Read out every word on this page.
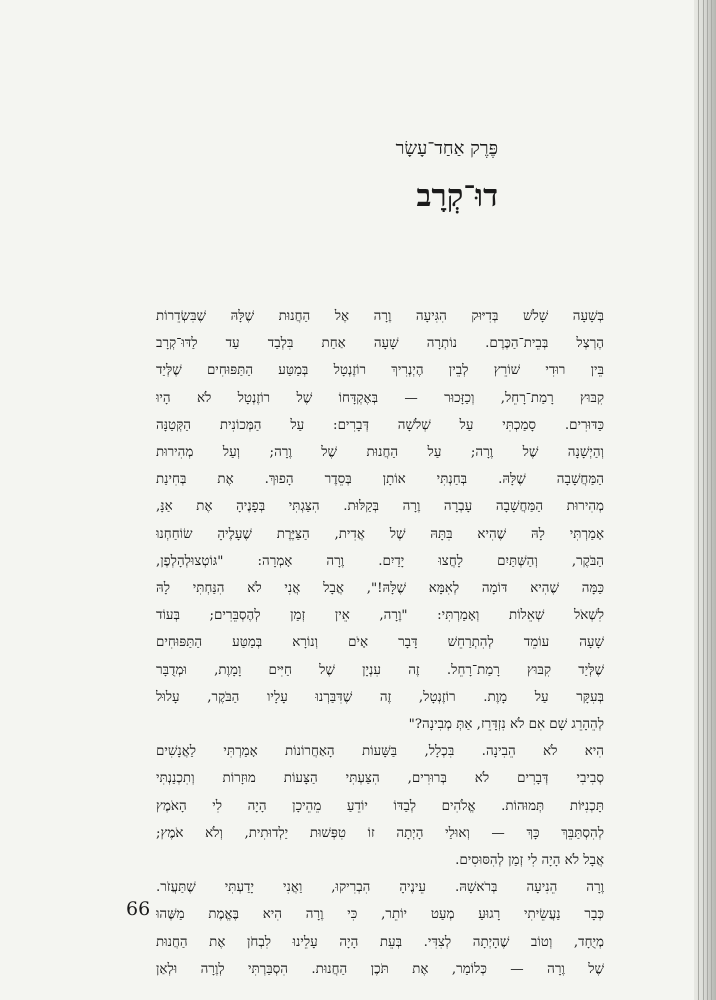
פֶּרֶק אַחַד־עָשָׂר
דוּ־קְרָב
בְּשָׁעָה שָׁלֹשׁ בְּדִיּוּק הִגִּיעָה וֶרָה אֶל הַחֲנוּת שֶׁלָּהּ שֶׁבִּשְׂדֵרוֹת
הֶרְצְל בְּבֵית־הַכֶּרֶם. נוֹתְרָה שָׁעָה אַחַת בִּלְבַד עַד לַדּוּ־קְרָב
בֵּין רוּדִי שׁוֹרֵץ לְבֵין הֶיְנְרִיךְ רוֹזֶנְטָל בְּמַטַּע הַתַּפּוּחִים שֶׁלְּיַד
קִבּוּץ רָמַת־רָחֵל, וְכַזָּכוּר — בְּאֶקְדָּחוֹ שֶׁל רוֹזֶנְטָל לֹא הָיוּ
כַּדּוּרִים. סָמַכְתִּי עַל שְׁלֹשָׁה דְּבָרִים: עַל הַמְּכוֹנִית הַקְּטַנָּה
וְהַיְשָׁנָה שֶׁל וֶרָה; עַל הַחֲנוּת שֶׁל וֶרָה; וְעַל מְהִירוּת
הַמַּחֲשָׁבָה שֶׁלָּהּ. בְּחַנְתִּי אוֹתָן בְּסֵדֶר הָפוּךְ. אֶת בְּחִינַת
מְהִירוּת הַמַּחֲשָׁבָה עָבְרָה וֶרָה בְּקַלּוּת. הִצַּגְתִּי בְּפָנֶיהָ אֶת אַנָּ,
אָמַרְתִּי לָהּ שֶׁהִיא בִּתָּהּ שֶׁל אֲדִית, הַצַּיֶּרֶת שֶׁעָלֶיהָ שׂוֹחַחְנוּ
הַבֹּקֶר, וְהַשְּׁתַּיִם לָחֲצוּ יָדַיִם. וֶרָה אָמְרָה: "גּוֹטְצוּלְהָלְפֶן,
כַּמָּה שֶׁהִיא דּוֹמָה לְאִמָּא שֶׁלָּהּ!", אֲבָל אֲנִי לֹא הִנַּחְתִּי לָהּ
לִשְׁאֹל שְׁאֵלוֹת וְאָמַרְתִּי: "וֶרָה, אֵין זְמַן לְהֶסְבֵּרִים; בְּעוֹד
שָׁעָה עוֹמֵד לְהִתְרַחֵשׁ דָּבָר אָיֹם וְנוֹרָא בְּמַטַּע הַתַּפּוּחִים
שֶׁלְּיַד קִבּוּץ רָמַת־רָחֵל. זֶה עִנְיָן שֶׁל חַיִּים וָמָוֶת, וּמְדֻבָּר
בְּעִקָּר עַל מָוֶת. רוֹזֶנְטָל, זֶה שֶׁדִּבַּרְנוּ עָלָיו הַבֹּקֶר, עָלוּל
לְהֵהָרֵג שָׁם אִם לֹא נִזְדָּרֵז, אַתְּ מְבִינָה?"
הִיא לֹא הֵבִינָה. בִּכְלָל, בַּשָּׁעוֹת הָאַחֲרוֹנוֹת אָמַרְתִּי לַאֲנָשִׁים
סְבִיבִי דְּבָרִים לֹא בְּרוּרִים, הִצַּעְתִּי הַצָּעוֹת מוּזָרוֹת וְתִכְנַנְתִּי
תָּכְנִיּוֹת תְּמוּהוֹת. אֱלֹהִים לְבַדּוֹ יוֹדֵעַ מֵהֵיכָן הָיָה לִי הָאֹמֶץ
לְהִסְתַּבֵּךְ כָּךְ — וְאוּלַי הָיְתָה זוֹ טִפְּשׁוּת יַלְדוּתִית, וְלֹא אֹמֶץ;
אֲבָל לֹא הָיָה לִי זְמַן לְהִסּוּסִים.
וֶרָה הֵנִיעָה בְּרֹאשָׁהּ. עֵינֶיהָ הִבְרִיקוּ, וַאֲנִי יָדַעְתִּי שֶׁתַּעֲזֹר.
כְּבָר נַעֲשֵׂיתִי רָגוּעַ מְעַט יוֹתֵר, כִּי וֶרָה הִיא בֶּאֱמֶת מַשֶּׁהוּ
מְיֻחָד, וְטוֹב שֶׁהָיְתָה לְצִדִּי. בְּעֵת הָיָה עָלֵינוּ לִבְחֹן אֶת הַחֲנוּת
שֶׁל וֶרָה — כְּלוֹמַר, אֶת תֹּכֶן הַחֲנוּת. הִסְבַּרְתִּי לְוֶרָה וּלְאַן
66
